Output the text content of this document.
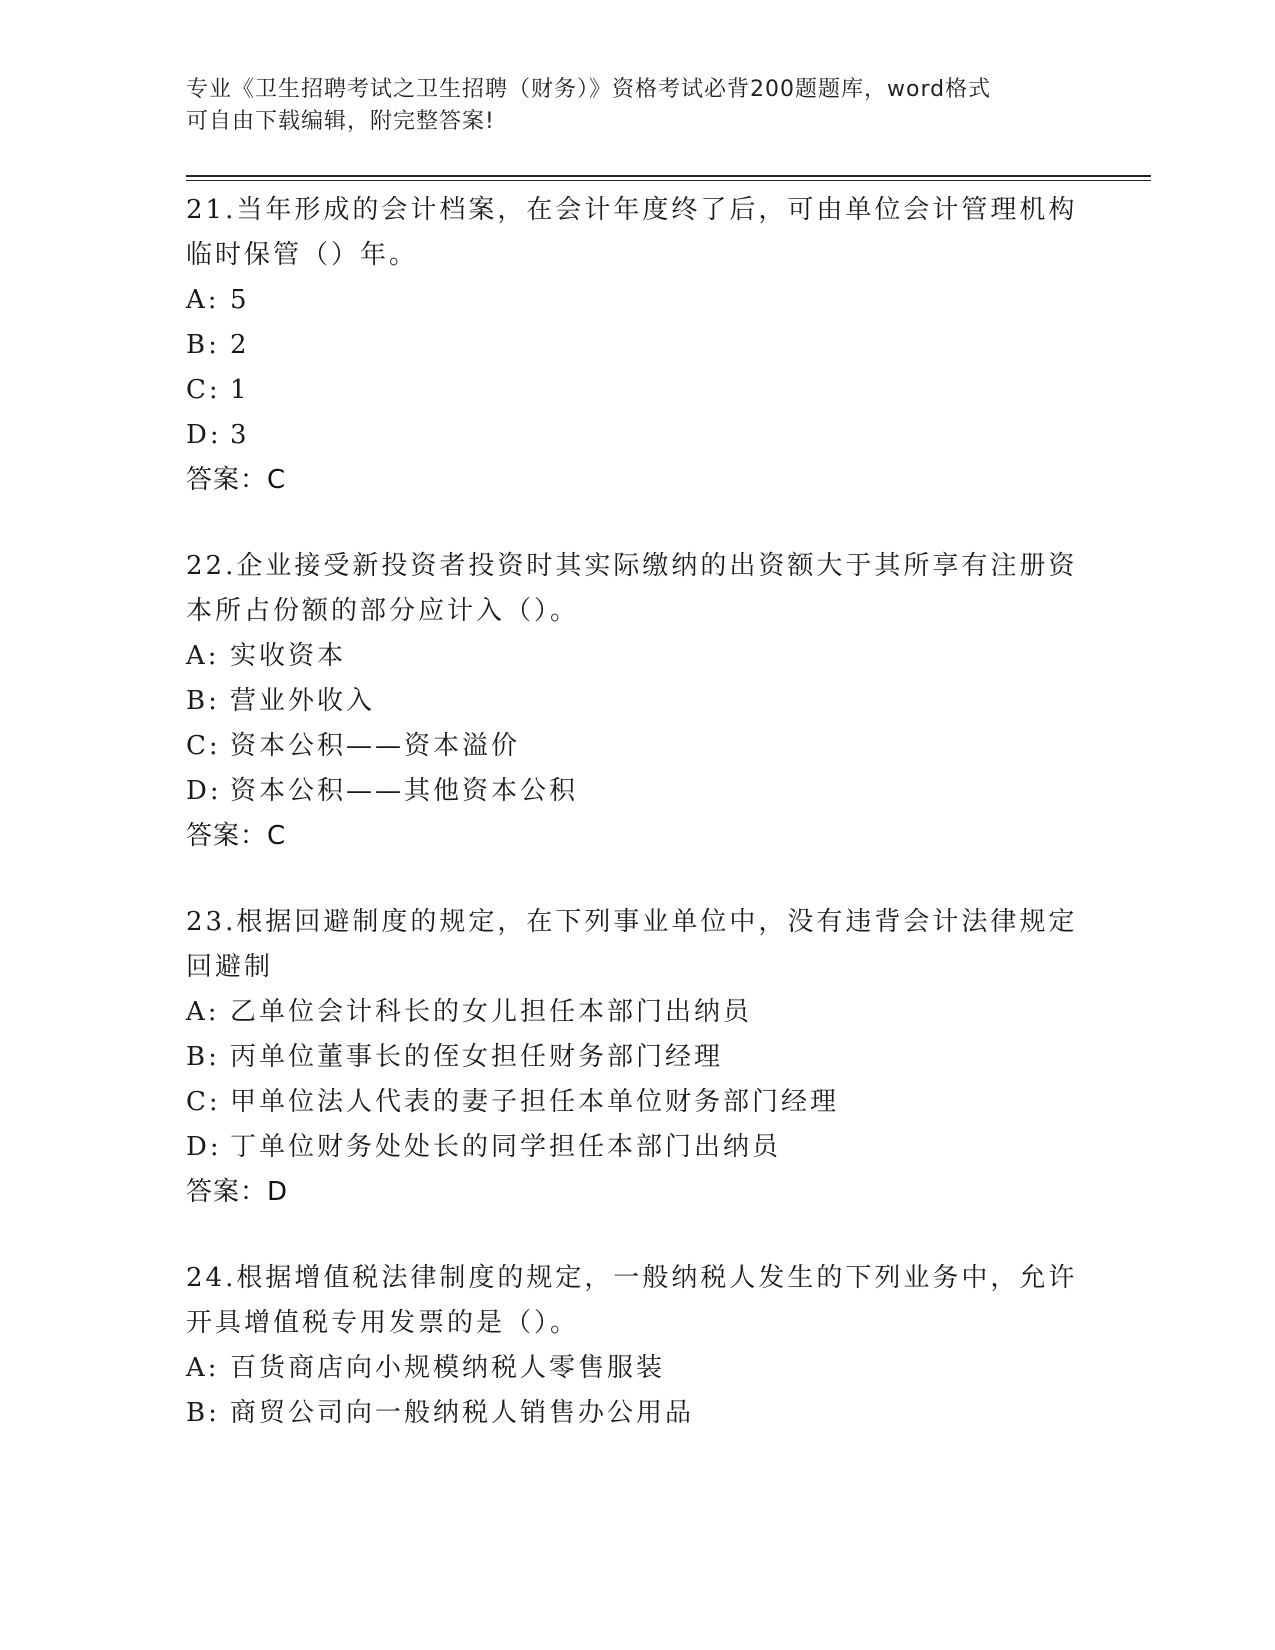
专业《卫生招聘考试之卫生招聘（财务）》资格考试必背200题题库，word格式
可自由下载编辑，附完整答案!

21.当年形成的会计档案，在会计年度终了后，可由单位会计管理机构临时保管（）年。

A: 5
B: 2
C: 1
D: 3
答案：C

22.企业接受新投资者投资时其实际缴纳的出资额大于其所享有注册资本所占份额的部分应计入（）。

A: 实收资本
B: 营业外收入
C: 资本公积——资本溢价
D: 资本公积——其他资本公积
答案：C

23.根据回避制度的规定，在下列事业单位中，没有违背会计法律规定回避制

A: 乙单位会计科长的女儿担任本部门出纳员
B: 丙单位董事长的侄女担任财务部门经理
C: 甲单位法人代表的妻子担任本单位财务部门经理
D: 丁单位财务处处长的同学担任本部门出纳员
答案：D

24.根据增值税法律制度的规定，一般纳税人发生的下列业务中，允许开具增值税专用发票的是（）。

A: 百货商店向小规模纳税人零售服装
B: 商贸公司向一般纳税人销售办公用品
